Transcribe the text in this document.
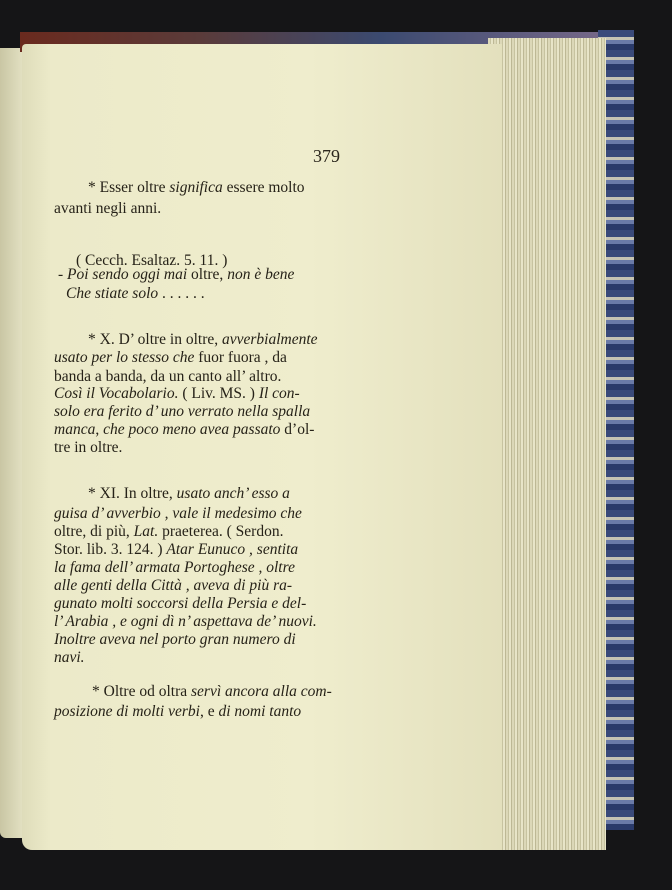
379
* Esser oltre significa essere molto
avanti negli anni.
( Cecch. Esaltaz. 5. 11. )
- Poi sendo oggi mai oltre, non è bene
Che stiate solo . . . . . .
* X. D’ oltre in oltre, avverbialmente
usato per lo stesso che fuor fuora , da
banda a banda, da un canto all’ altro.
Così il Vocabolario. ( Liv. MS. ) Il con-
solo era ferito d’ uno verrato nella spalla
manca, che poco meno avea passato d’ol-
tre in oltre.
* XI. In oltre, usato anch’ esso a
guisa d’ avverbio , vale il medesimo che
oltre, di più, Lat. praeterea. ( Serdon.
Stor. lib. 3. 124. ) Atar Eunuco , sentita
la fama dell’ armata Portoghese , oltre
alle genti della Città , aveva di più ra-
gunato molti soccorsi della Persia e del-
l’ Arabia , e ogni dì n’ aspettava de’ nuovi.
Inoltre aveva nel porto gran numero di
navi.
* Oltre od oltra servì ancora alla com-
posizione di molti verbi, e di nomi tanto
